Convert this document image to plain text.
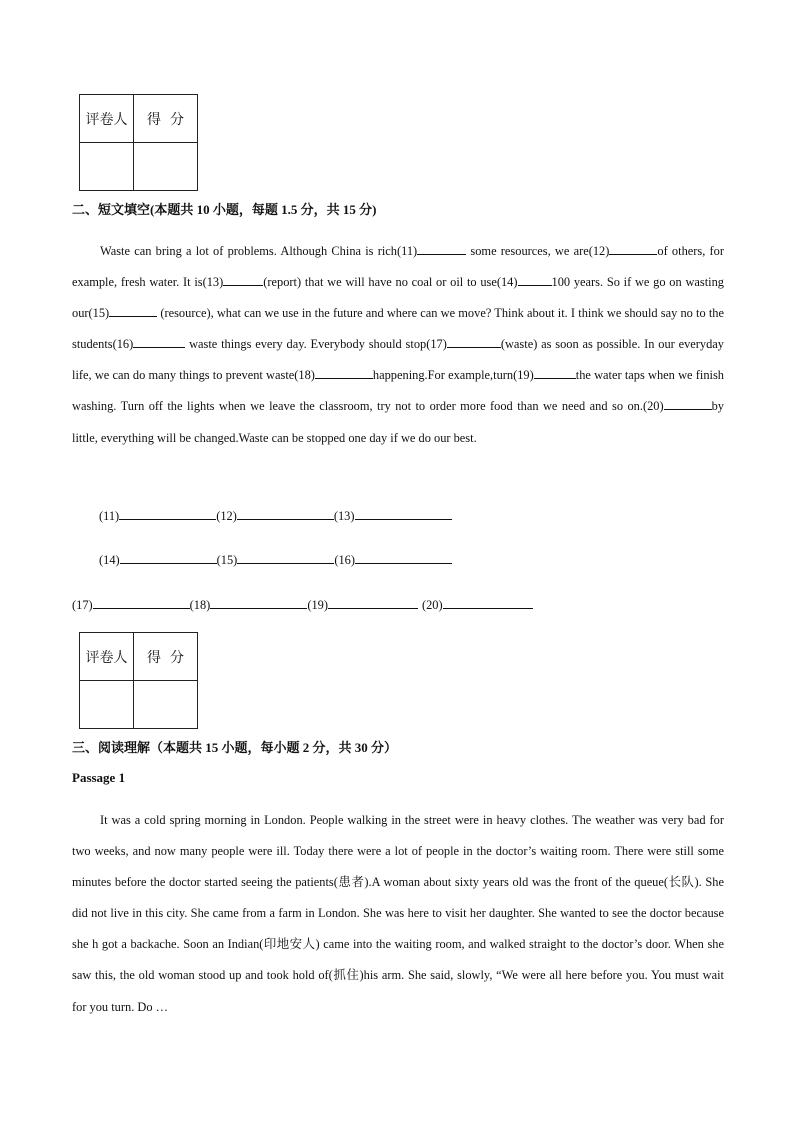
评卷人	得分

二、短文填空(本题共 10 小题，每题 1.5 分，共 15 分)

Waste can bring a lot of problems. Although China is rich(11)	some resources, we are(12)	of others, for example, fresh water. It is(13)	(report) that we will have no coal or oil to use(14)	100 years. So if we go on wasting our(15)	(resource), what can we use in the future and where can we move? Think about it. I think we should say no to the students(16)	waste things every day. Everybody should stop(17)	(waste) as soon as possible. In our everyday life, we can do many things to prevent waste(18)	happening.For example,turn(19)	the water taps when we finish washing. Turn off the lights when we leave the classroom, try not to order more food than we need and so on.(20)	by little, everything will be changed.Waste can be stopped one day if we do our best.

(11)	(12)	(13)
(14)	(15)	(16)
(17)	(18)	(19)	(20)
评卷人	得分

三、阅读理解（本题共 15 小题，每小题 2 分，共 30 分）
Passage 1

It was a cold spring morning in London. People walking in the street were in heavy clothes. The weather was very bad for two weeks, and now many people were ill. Today there were a lot of people in the doctor’s waiting room. There were still some minutes before the doctor started seeing the patients(患者).A woman about sixty years old was the front of the queue(长队). She did not live in this city. She came from a farm in London. She was here to visit her daughter. She wanted to see the doctor because she h got a backache. Soon an Indian(印地安人) came into the waiting room, and walked straight to the doctor’s door. When she saw this, the old woman stood up and took hold of(抓住)his arm. She said, slowly, “We were all here before you. You must wait for you turn. Do …
